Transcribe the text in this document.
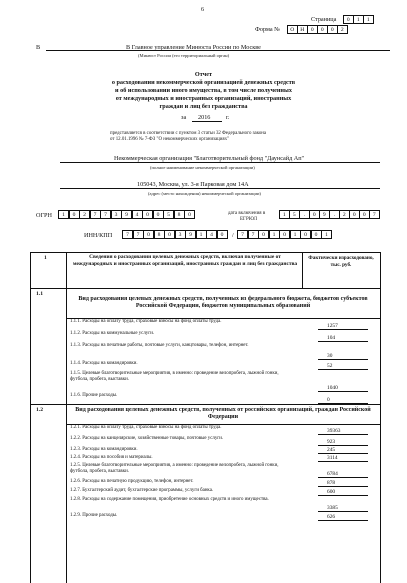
6
Страница	0	1	1
Форма №	О	Н	0	0	0	2
В	В Главное управление Минюста России по Москве
(Минюст России (его территориальный орган)
Отчет
о расходовании некоммерческой организацией денежных средств
и об использовании иного имущества, в том числе полученных
от международных и иностранных организаций, иностранных
граждан и лиц без гражданства
за 2016	г.
представляется в соответствии с пунктом 3 статьи 32 Федерального закона
от 12.01.1996 № 7-ФЗ "О некоммерческих организациях"
Некоммерческая организация "Благотворительный фонд "Даунсайд Ап"
(полное наименование некоммерческой организации)
105043, Москва, ул. 3-я Парковая дом 14А
(адрес (место нахождения) некоммерческой организации)
ОГРН	1	0	2	7	7	3	9	4	0	0	5	8	0	дата включения в
ЕГРЮЛ
1	5	.	0	9	.	2	0	0	7
ИНН/КПП	7	7	0	8	0	3	9	1	4	0	/	7	7	0	1	0	1	0	0	1
1	Сведения о расходовании целевых денежных средств, включая полученные от международных и иностранных организаций, иностранных граждан и лиц без гражданства
Фактически израсходовано, тыс. руб.
1.1
Вид расходования целевых денежных средств, полученных из федерального бюджета, бюджетов субъектов Российской Федерации, бюджетов муниципальных образований
1.1.1. Расходы на оплату труда, страховые взносы на фонд оплаты труда.
1257
1.1.2. Расходы на коммунальные услуги.
104
1.1.3. Расходы на печатные работы, почтовые услуги, канцтовары, телефон, интернет.
30
1.1.4. Расходы на командировки.	52
1.1.5. Целевые благотворительные мероприятия, в именно: проведение велопробега, лыжной гонки, футбола, пробега, выставки.
1040
1.1.6. Прочие расходы.
0
1.2	Вид расходования целевых денежных средств, полученных от российских организаций, граждан Российской Федерации
1.2.1. Расходы на оплату труда, страховые взносы на фонд оплаты труда.
39363
1.2.2. Расходы на канцелярские, хозяйственные товары, почтовые услуги.
923
1.2.3. Расходы на командировки.	245
1.2.4. Расходы на пособия и материалы.	3114
1.2.5. Целевые благотворительные мероприятия, а именно: проведение велопробега, лыжной гонки, футбола, пробега, выставки.	6784
1.2.6. Расходы на печатную продукцию, телефон, интернет.	878
1.2.7. Бухгалтерский аудит, бухгалтерские программы, услуги банка.	600
1.2.8. Расходы на содержание помещения, приобретение основных средств и иного имущества.
3385
1.2.9. Прочие расходы.	626
